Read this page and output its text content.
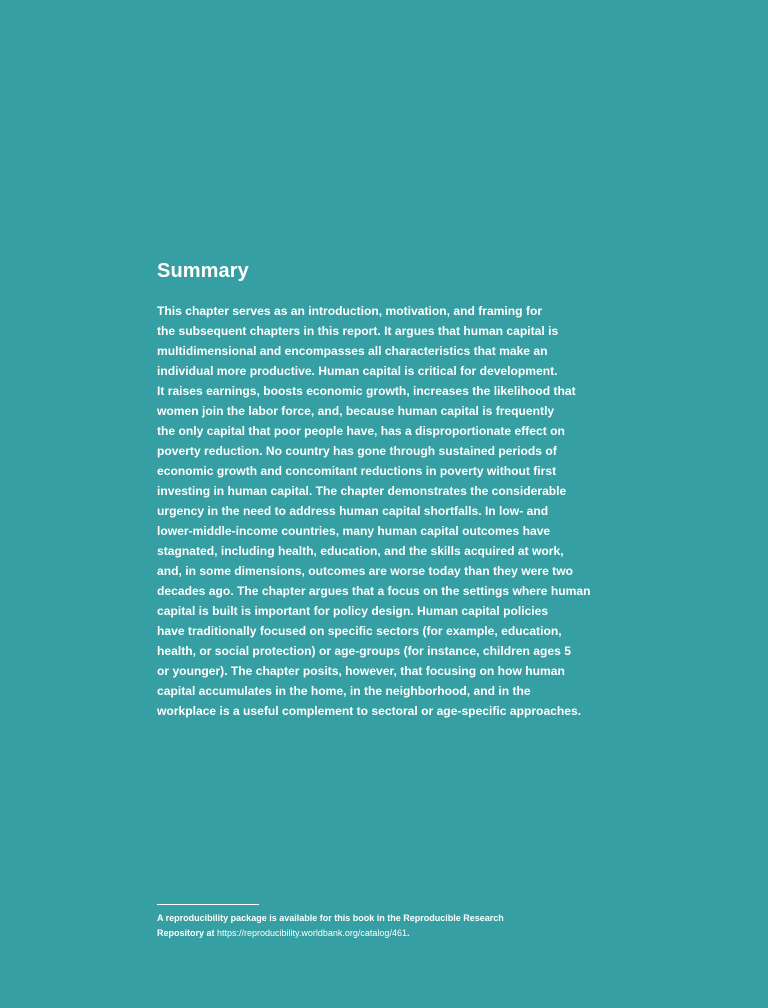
Summary

This chapter serves as an introduction, motivation, and framing for
the subsequent chapters in this report. It argues that human capital is
multidimensional and encompasses all characteristics that make an
individual more productive. Human capital is critical for development.
It raises earnings, boosts economic growth, increases the likelihood that
women join the labor force, and, because human capital is frequently
the only capital that poor people have, has a disproportionate effect on
poverty reduction. No country has gone through sustained periods of
economic growth and concomitant reductions in poverty without first
investing in human capital. The chapter demonstrates the considerable
urgency in the need to address human capital shortfalls. In low- and
lower-middle-income countries, many human capital outcomes have
stagnated, including health, education, and the skills acquired at work,
and, in some dimensions, outcomes are worse today than they were two
decades ago. The chapter argues that a focus on the settings where human
capital is built is important for policy design. Human capital policies
have traditionally focused on specific sectors (for example, education,
health, or social protection) or age-groups (for instance, children ages 5
or younger). The chapter posits, however, that focusing on how human
capital accumulates in the home, in the neighborhood, and in the
workplace is a useful complement to sectoral or age-specific approaches.

A reproducibility package is available for this book in the Reproducible Research
Repository at https://reproducibility.worldbank.org/catalog/461.
